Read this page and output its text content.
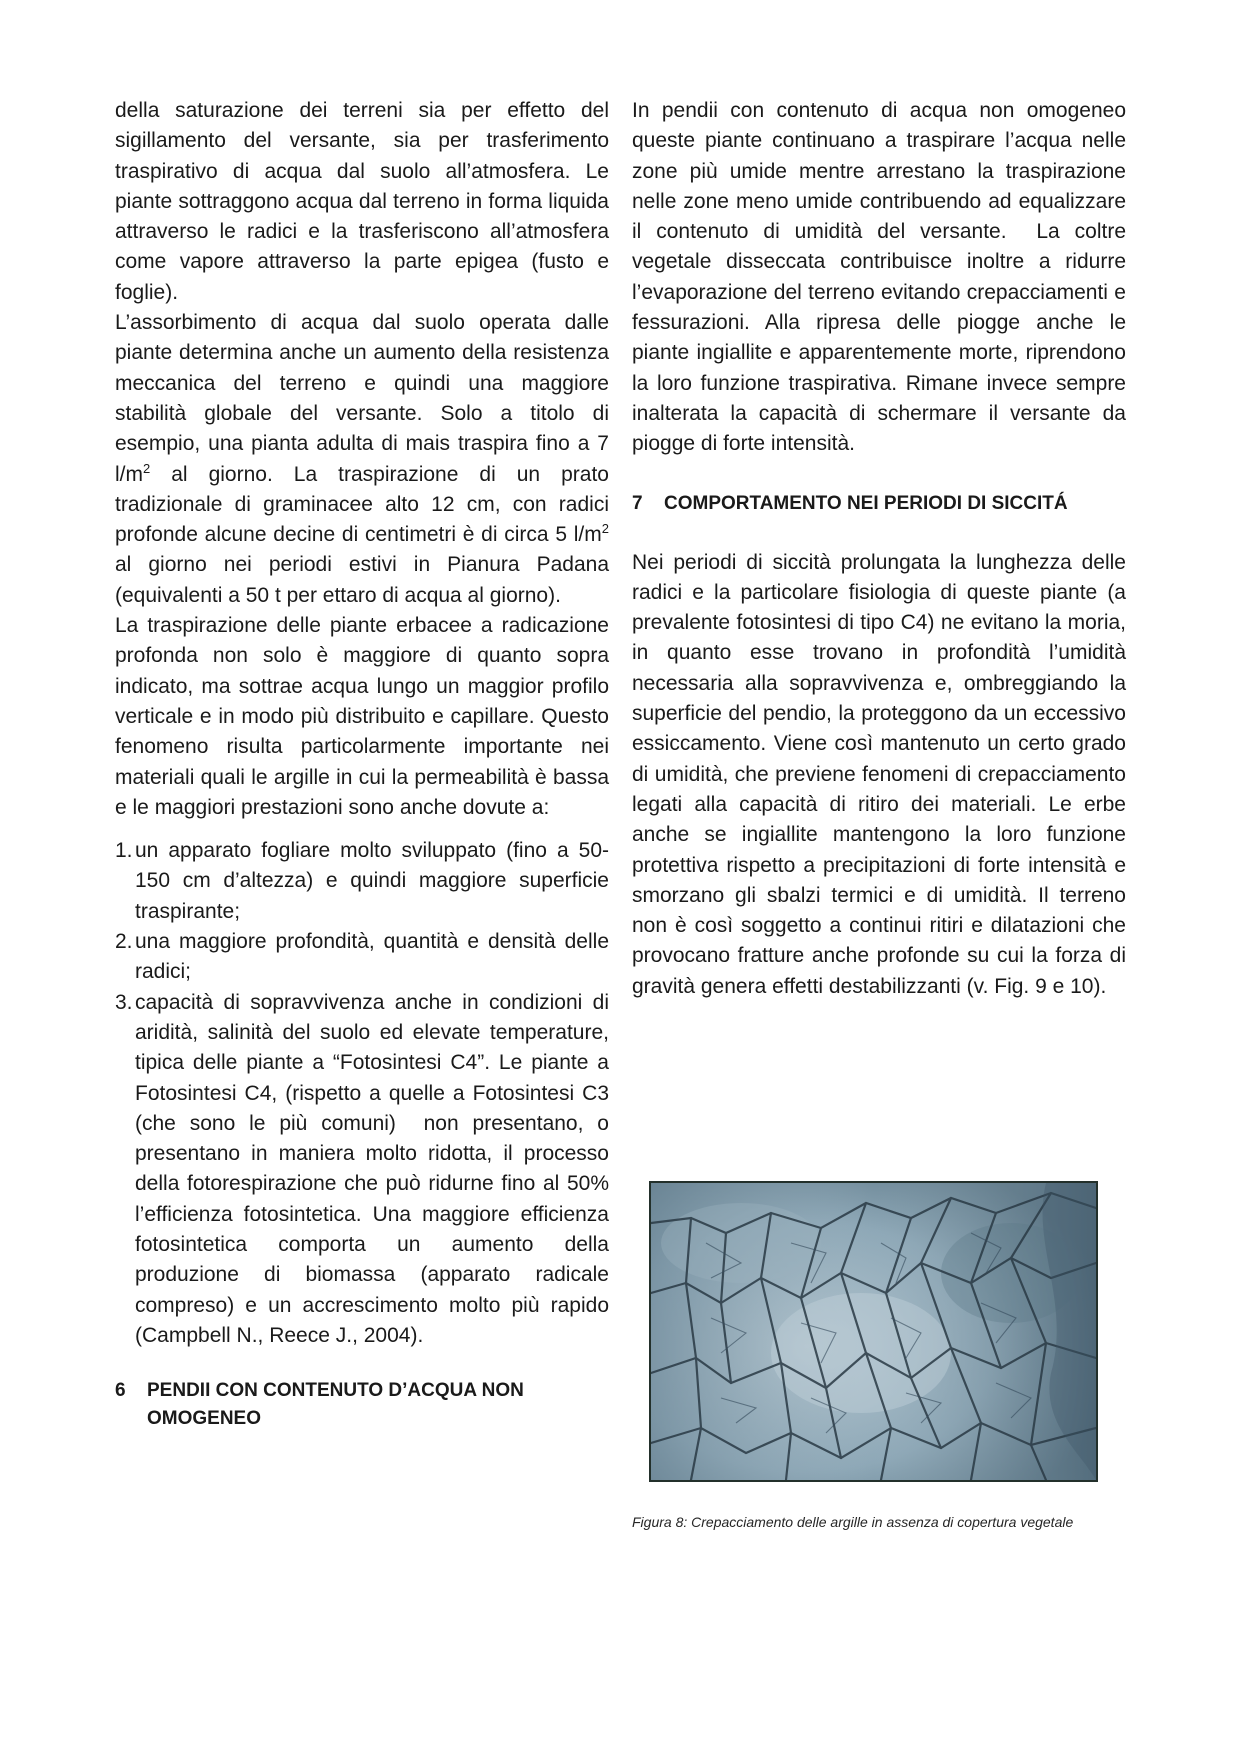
della saturazione dei terreni sia per effetto del sigillamento del versante, sia per trasferimento traspirativo di acqua dal suolo all’atmosfera. Le piante sottraggono acqua dal terreno in forma liquida attraverso le radici e la trasferiscono all’atmosfera come vapore attraverso la parte epigea (fusto e foglie).

L’assorbimento di acqua dal suolo operata dalle piante determina anche un aumento della resistenza meccanica del terreno e quindi una maggiore stabilità globale del versante. Solo a titolo di esempio, una pianta adulta di mais traspira fino a 7 $l/m^2$ al giorno. La traspirazione di un prato tradizionale di graminacee alto 12 cm, con radici profonde alcune decine di centimetri è di circa 5 $l/m^2$ al giorno nei periodi estivi in Pianura Padana (equivalenti a 50 t per ettaro di acqua al giorno).

La traspirazione delle piante erbacee a radicazione profonda non solo è maggiore di quanto sopra indicato, ma sottrae acqua lungo un maggior profilo verticale e in modo più distribuito e capillare. Questo fenomeno risulta particolarmente importante nei materiali quali le argille in cui la permeabilità è bassa e le maggiori prestazioni sono anche dovute a:

1. un apparato fogliare molto sviluppato (fino a 50-150 cm d’altezza) e quindi maggiore superficie traspirante;
2. una maggiore profondità, quantità e densità delle radici;
3. capacità di sopravvivenza anche in condizioni di aridità, salinità del suolo ed elevate temperature, tipica delle piante a “Fotosintesi C4”. Le piante a Fotosintesi C4, (rispetto a quelle a Fotosintesi C3 (che sono le più comuni)  non presentano, o presentano in maniera molto ridotta, il processo della fotorespirazione che può ridurne fino al 50% l’efficienza fotosintetica. Una maggiore efficienza fotosintetica comporta un aumento della produzione di biomassa (apparato radicale compreso) e un accrescimento molto più rapido (Campbell N., Reece J., 2004).
6	PENDII CON CONTENUTO D’ACQUA NON OMOGENEO

In pendii con contenuto di acqua non omogeneo queste piante continuano a traspirare l’acqua nelle zone più umide mentre arrestano la traspirazione nelle zone meno umide contribuendo ad equalizzare il contenuto di umidità del versante.  La coltre vegetale disseccata contribuisce inoltre a ridurre l’evaporazione del terreno evitando crepacciamenti e fessurazioni. Alla ripresa delle piogge anche le piante ingiallite e apparentemente morte, riprendono la loro funzione traspirativa. Rimane invece sempre inalterata la capacità di schermare il versante da piogge di forte intensità.

7	COMPORTAMENTO NEI PERIODI DI SICCITÁ

Nei periodi di siccità prolungata la lunghezza delle radici e la particolare fisiologia di queste piante (a prevalente fotosintesi di tipo C4) ne evitano la moria, in quanto esse trovano in profondità l’umidità necessaria alla sopravvivenza e, ombreggiando la superficie del pendio, la proteggono da un eccessivo essiccamento. Viene così mantenuto un certo grado di umidità, che previene fenomeni di crepacciamento legati alla capacità di ritiro dei materiali. Le erbe anche se ingiallite mantengono la loro funzione protettiva rispetto a precipitazioni di forte intensità e smorzano gli sbalzi termici e di umidità. Il terreno non è così soggetto a continui ritiri e dilatazioni che provocano fratture anche profonde su cui la forza di gravità genera effetti destabilizzanti (v. Fig. 9 e 10).

Figura 8: Crepacciamento delle argille in assenza di copertura vegetale
